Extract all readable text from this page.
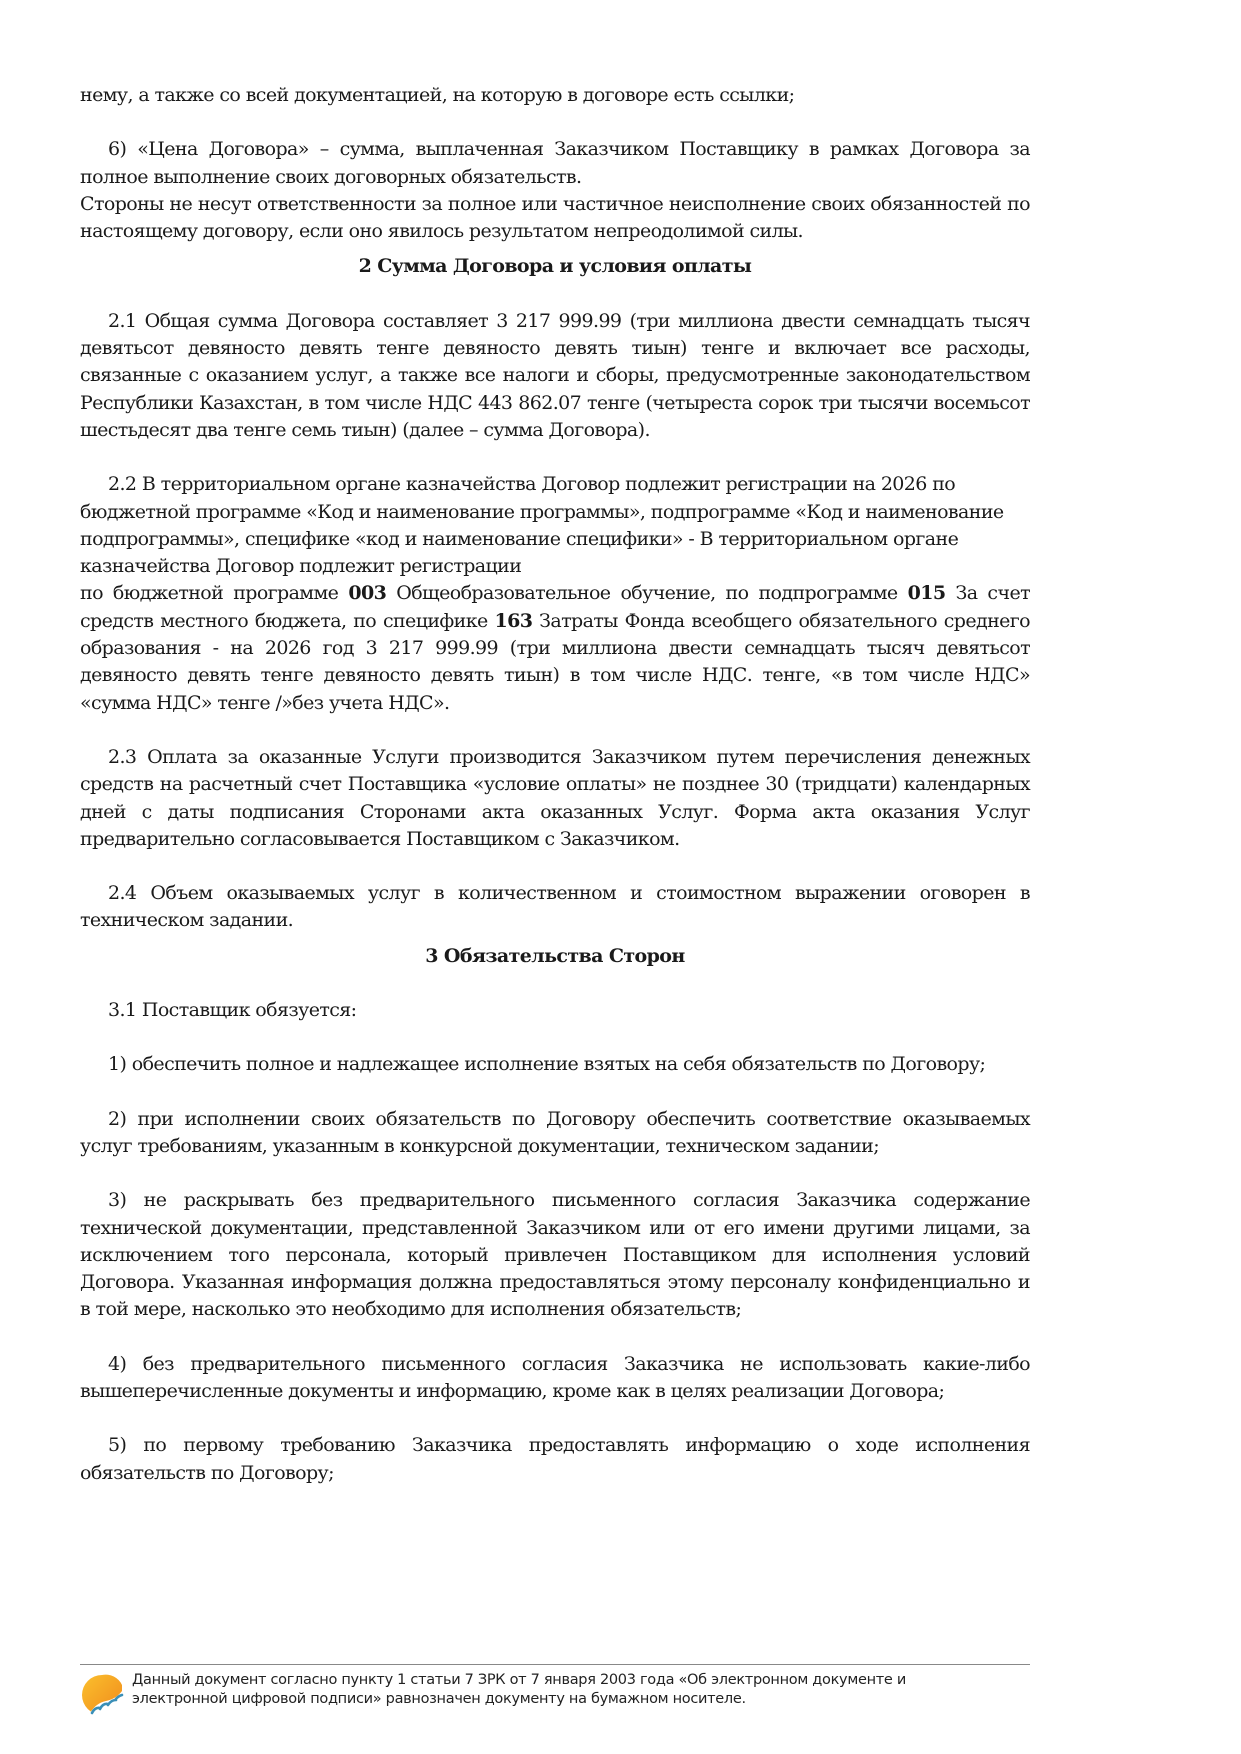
нему, а также со всей документацией, на которую в договоре есть ссылки;

6) «Цена Договора» – сумма, выплаченная Заказчиком Поставщику в рамках Договора за полное выполнение своих договорных обязательств.

Стороны не несут ответственности за полное или частичное неисполнение своих обязанностей по настоящему договору, если оно явилось результатом непреодолимой силы.

2 Сумма Договора и условия оплаты

2.1 Общая сумма Договора составляет 3 217 999.99 (три миллиона двести семнадцать тысяч девятьсот девяносто девять тенге девяносто девять тиын) тенге и включает все расходы, связанные с оказанием услуг, а также все налоги и сборы, предусмотренные законодательством Республики Казахстан, в том числе НДС 443 862.07 тенге (четыреста сорок три тысячи восемьсот шестьдесят два тенге семь тиын) (далее – сумма Договора).

2.2 В территориальном органе казначейства Договор подлежит регистрации на 2026 по бюджетной программе «Код и наименование программы», подпрограмме «Код и наименование подпрограммы», специфике «код и наименование специфики» - В территориальном органе казначейства Договор подлежит регистрации

по бюджетной программе 003 Общеобразовательное обучение, по подпрограмме 015 За счет средств местного бюджета, по специфике 163 Затраты Фонда всеобщего обязательного среднего образования - на 2026 год 3 217 999.99 (три миллиона двести семнадцать тысяч девятьсот девяносто девять тенге девяносто девять тиын) в том числе НДС. тенге, «в том числе НДС» «сумма НДС» тенге /»без учета НДС».

2.3 Оплата за оказанные Услуги производится Заказчиком путем перечисления денежных средств на расчетный счет Поставщика «условие оплаты» не позднее 30 (тридцати) календарных дней с даты подписания Сторонами акта оказанных Услуг. Форма акта оказания Услуг предварительно согласовывается Поставщиком с Заказчиком.

2.4 Объем оказываемых услуг в количественном и стоимостном выражении оговорен в техническом задании.

3 Обязательства Сторон

3.1 Поставщик обязуется:

1) обеспечить полное и надлежащее исполнение взятых на себя обязательств по Договору;

2) при исполнении своих обязательств по Договору обеспечить соответствие оказываемых услуг требованиям, указанным в конкурсной документации, техническом задании;

3) не раскрывать без предварительного письменного согласия Заказчика содержание технической документации, представленной Заказчиком или от его имени другими лицами, за исключением того персонала, который привлечен Поставщиком для исполнения условий Договора. Указанная информация должна предоставляться этому персоналу конфиденциально и в той мере, насколько это необходимо для исполнения обязательств;

4) без предварительного письменного согласия Заказчика не использовать какие-либо вышеперечисленные документы и информацию, кроме как в целях реализации Договора;

5) по первому требованию Заказчика предоставлять информацию о ходе исполнения обязательств по Договору;

Данный документ согласно пункту 1 статьи 7 ЗРК от 7 января 2003 года «Об электронном документе и
электронной цифровой подписи» равнозначен документу на бумажном носителе.
